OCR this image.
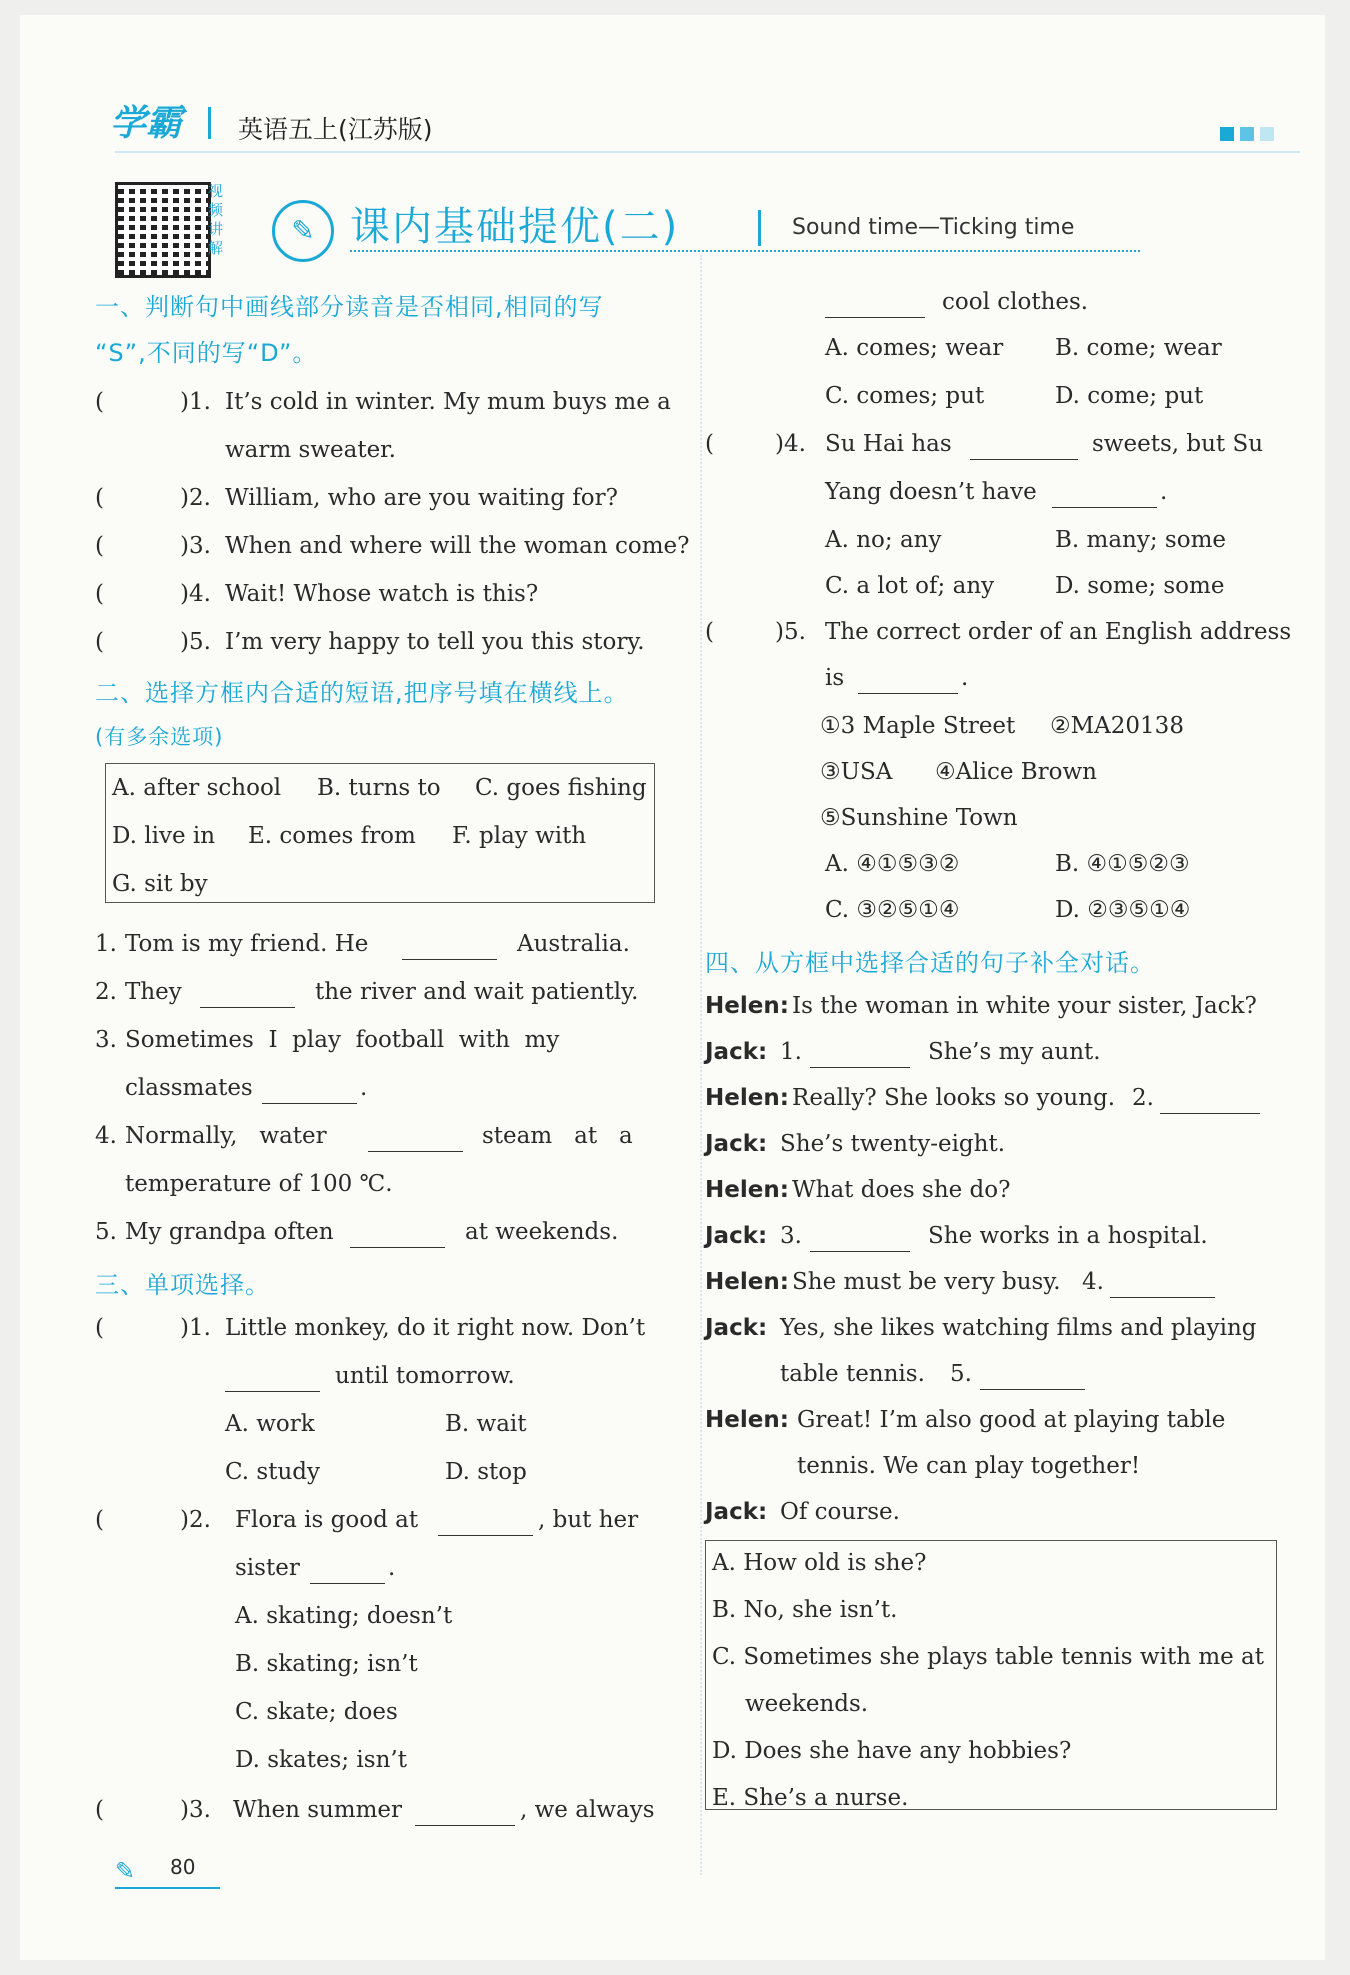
学霸 英语五上(江苏版)
视频讲解
✎ 课内基础提优(二)	Sound time—Ticking time
一、判断句中画线部分读音是否相同,相同的写
“S”,不同的写“D”。
(	)1. It’s cold in winter. My mum buys me a
warm sweater.
(	)2. William, who are you waiting for?
(	)3. When and where will the woman come?
(	)4. Wait! Whose watch is this?
(	)5. I’m very happy to tell you this story.
二、选择方框内合适的短语,把序号填在横线上。
(有多余选项)
A. after school B. turns to C. goes fishing
D. live in E. comes from F. play with
G. sit by
1. Tom is my friend. He	Australia.
2. They	the river and wait patiently.
3. Sometimes  I  play  football  with  my
classmates	.
4. Normally,   water	steam   at   a
temperature of 100 ℃.
5. My grandpa often	at weekends.
三、单项选择。
(	)1. Little monkey, do it right now. Don’t
until tomorrow.
A. work	B. wait
C. study	D. stop
(	)2. Flora is good at	, but her
sister	.
A. skating; doesn’t
B. skating; isn’t
C. skate; does
D. skates; isn’t
(	)3. When summer	, we always
cool clothes.
A. comes; wear B. come; wear
C. comes; put	D. come; put
(	)4. Su Hai has	sweets, but Su
Yang doesn’t have	.
A. no; any	B. many; some
C. a lot of; any	D. some; some
(	)5. The correct order of an English address
is	.
①3 Maple Street ②MA20138
③USA ④Alice Brown
⑤Sunshine Town
A. ④①⑤③②	B. ④①⑤②③
C. ③②⑤①④	D. ②③⑤①④
四、从方框中选择合适的句子补全对话。
Helen: Is the woman in white your sister, Jack?
Jack: 1.	She’s my aunt.
Helen: Really? She looks so young. 2.
Jack: She’s twenty-eight.
Helen: What does she do?
Jack: 3.	She works in a hospital.
Helen: She must be very busy. 4.
Jack: Yes, she likes watching films and playing
table tennis. 5.
Helen: Great! I’m also good at playing table
tennis. We can play together!
Jack: Of course.
A. How old is she?
B. No, she isn’t.
C. Sometimes she plays table tennis with me at
weekends.
D. Does she have any hobbies?
E. She’s a nurse.
✎ 80
